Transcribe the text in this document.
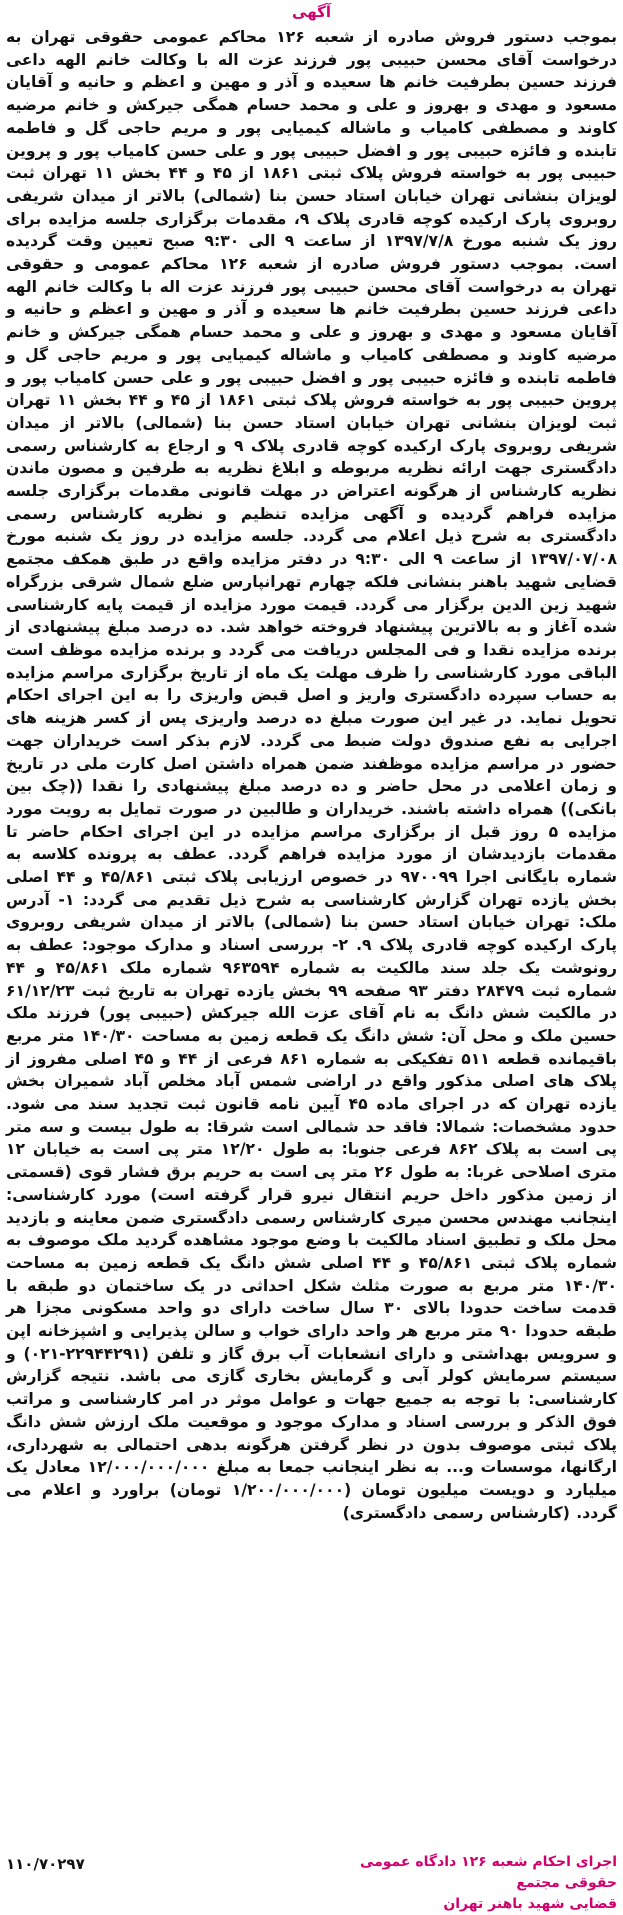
آگهی

بموجب دستور فروش صادره از شعبه ۱۲۶ محاکم عمومی حقوقی تهران به درخواست آقای محسن حبیبی پور فرزند عزت اله با وکالت خانم الهه داعی فرزند حسین بطرفیت خانم ها سعیده و آذر و مهین و اعظم و حانیه و آقایان مسعود و مهدی و بهروز و علی و محمد حسام همگی جیرکش و خانم مرضیه کاوند و مصطفی کامیاب و ماشاله کیمیایی پور و مریم حاجی گل و فاطمه تابنده و فائزه حبیبی پور و افضل حبیبی پور و علی حسن کامیاب پور و پروین حبیبی پور به خواسته فروش پلاک ثبتی ۱۸۶۱ از ۴۵ و ۴۴ بخش ۱۱ تهران ثبت لویزان بنشانی تهران خیابان استاد حسن بنا (شمالی) بالاتر از میدان شریفی روبروی پارک ارکیده کوچه قادری پلاک ۹، مقدمات برگزاری جلسه مزایده برای روز یک شنبه مورخ ۱۳۹۷/۷/۸ از ساعت ۹ الی ۹:۳۰ صبح تعیین وقت گردیده است. بموجب دستور فروش صادره از شعبه ۱۲۶ محاکم عمومی و حقوقی تهران به درخواست آقای محسن حبیبی پور فرزند عزت اله با وکالت خانم الهه داعی فرزند حسین بطرفیت خانم ها سعیده و آذر و مهین و اعظم و حانیه و آقایان مسعود و مهدی و بهروز و علی و محمد حسام همگی جیرکش و خانم مرضیه کاوند و مصطفی کامیاب و ماشاله کیمیایی پور و مریم حاجی گل و فاطمه تابنده و فائزه حبیبی پور و افضل حبیبی پور و علی حسن کامیاب پور و پروین حبیبی پور به خواسته فروش پلاک ثبتی ۱۸۶۱ از ۴۵ و ۴۴ بخش ۱۱ تهران ثبت لویزان بنشانی تهران خیابان استاد حسن بنا (شمالی) بالاتر از میدان شریفی روبروی پارک ارکیده کوچه قادری پلاک ۹ و ارجاع به کارشناس رسمی دادگستری جهت ارائه نظریه مربوطه و ابلاغ نظریه به طرفین و مصون ماندن نظریه کارشناس از هرگونه اعتراض در مهلت قانونی مقدمات برگزاری جلسه مزایده فراهم گردیده و آگهی مزایده تنظیم و نظریه کارشناس رسمی دادگستری به شرح ذیل اعلام می گردد. جلسه مزایده در روز یک شنبه مورخ ۱۳۹۷/۰۷/۰۸ از ساعت ۹ الی ۹:۳۰ در دفتر مزایده واقع در طبق همکف مجتمع قضایی شهید باهنر بنشانی فلکه چهارم تهرانپارس ضلع شمال شرقی بزرگراه شهید زین الدین برگزار می گردد. قیمت مورد مزایده از قیمت پایه کارشناسی شده آغاز و به بالاترین پیشنهاد فروخته خواهد شد. ده درصد مبلغ پیشنهادی از برنده مزایده نقدا و فی المجلس دریافت می گردد و برنده مزایده موظف است الباقی مورد کارشناسی را ظرف مهلت یک ماه از تاریخ برگزاری مراسم مزایده به حساب سپرده دادگستری واریز و اصل قبض واریزی را به این اجرای احکام تحویل نماید. در غیر این صورت مبلغ ده درصد واریزی پس از کسر هزینه های اجرایی به نفع صندوق دولت ضبط می گردد. لازم بذکر است خریداران جهت حضور در مراسم مزایده موظفند ضمن همراه داشتن اصل کارت ملی در تاریخ و زمان اعلامی در محل حاضر و ده درصد مبلغ پیشنهادی را نقدا ((چک بین بانکی)) همراه داشته باشند. خریداران و طالبین در صورت تمایل به رویت مورد مزایده ۵ روز قبل از برگزاری مراسم مزایده در این اجرای احکام حاضر تا مقدمات بازدیدشان از مورد مزایده فراهم گردد. عطف به پرونده کلاسه به شماره بایگانی اجرا ۹۷۰۰۹۹ در خصوص ارزیابی پلاک ثبتی ۴۵/۸۶۱ و ۴۴ اصلی بخش یازده تهران گزارش کارشناسی به شرح ذیل تقدیم می گردد: ۱- آدرس ملک: تهران خیابان استاد حسن بنا (شمالی) بالاتر از میدان شریفی روبروی پارک ارکیده کوچه قادری پلاک ۹. ۲- بررسی اسناد و مدارک موجود: عطف به رونوشت یک جلد سند مالکیت به شماره ۹۶۳۵۹۴ شماره ملک ۴۵/۸۶۱ و ۴۴ شماره ثبت ۲۸۴۷۹ دفتر ۹۳ صفحه ۹۹ بخش یازده تهران به تاریخ ثبت ۶۱/۱۲/۲۳ در مالکیت شش دانگ به نام آقای عزت الله جیرکش (حبیبی پور) فرزند ملک حسین ملک و محل آن: شش دانگ یک قطعه زمین به مساحت ۱۴۰/۳۰ متر مربع باقیمانده قطعه ۵۱۱ تفکیکی به شماره ۸۶۱ فرعی از ۴۴ و ۴۵ اصلی مفروز از پلاک های اصلی مذکور واقع در اراضی شمس آباد مخلص آباد شمیران بخش یازده تهران که در اجرای ماده ۴۵ آیین نامه قانون ثبت تجدید سند می شود. حدود مشخصات: شمالا: فاقد حد شمالی است شرقا: به طول بیست و سه متر پی است به پلاک ۸۶۲ فرعی جنوبا: به طول ۱۲/۲۰ متر پی است به خیابان ۱۲ متری اصلاحی غربا: به طول ۲۶ متر پی است به حریم برق فشار قوی (قسمتی از زمین مذکور داخل حریم انتقال نیرو قرار گرفته است) مورد کارشناسی: اینجانب مهندس محسن میری کارشناس رسمی دادگستری ضمن معاینه و بازدید محل ملک و تطبیق اسناد مالکیت با وضع موجود مشاهده گردید ملک موصوف به شماره پلاک ثبتی ۴۵/۸۶۱ و ۴۴ اصلی شش دانگ یک قطعه زمین به مساحت ۱۴۰/۳۰ متر مربع به صورت مثلث شکل احداثی در یک ساختمان دو طبقه با قدمت ساخت حدودا بالای ۳۰ سال ساخت دارای دو واحد مسکونی مجزا هر طبقه حدودا ۹۰ متر مربع هر واحد دارای خواب و سالن پذیرایی و اشپزخانه اپن و سرویس بهداشتی و دارای انشعابات آب برق گاز و تلفن (۲۲۹۴۴۲۹۱-۰۲۱) و سیستم سرمایش کولر آبی و گرمایش بخاری گازی می باشد. نتیجه گزارش کارشناسی: با توجه به جمیع جهات و عوامل موثر در امر کارشناسی و مراتب فوق الذکر و بررسی اسناد و مدارک موجود و موقعیت ملک ارزش شش دانگ پلاک ثبتی موصوف بدون در نظر گرفتن هرگونه بدهی احتمالی به شهرداری، ارگانها، موسسات و... به نظر اینجانب جمعا به مبلغ ۱۲/۰۰۰/۰۰۰/۰۰۰ معادل یک میلیارد و دویست میلیون تومان (۱/۲۰۰/۰۰۰/۰۰۰ تومان) براورد و اعلام می گردد. (کارشناس رسمی دادگستری)

اجرای احکام شعبه ۱۲۶ دادگاه عمومی حقوقی مجتمع
قضایی شهید باهنر تهران
۱۱۰/۷۰۲۹۷
